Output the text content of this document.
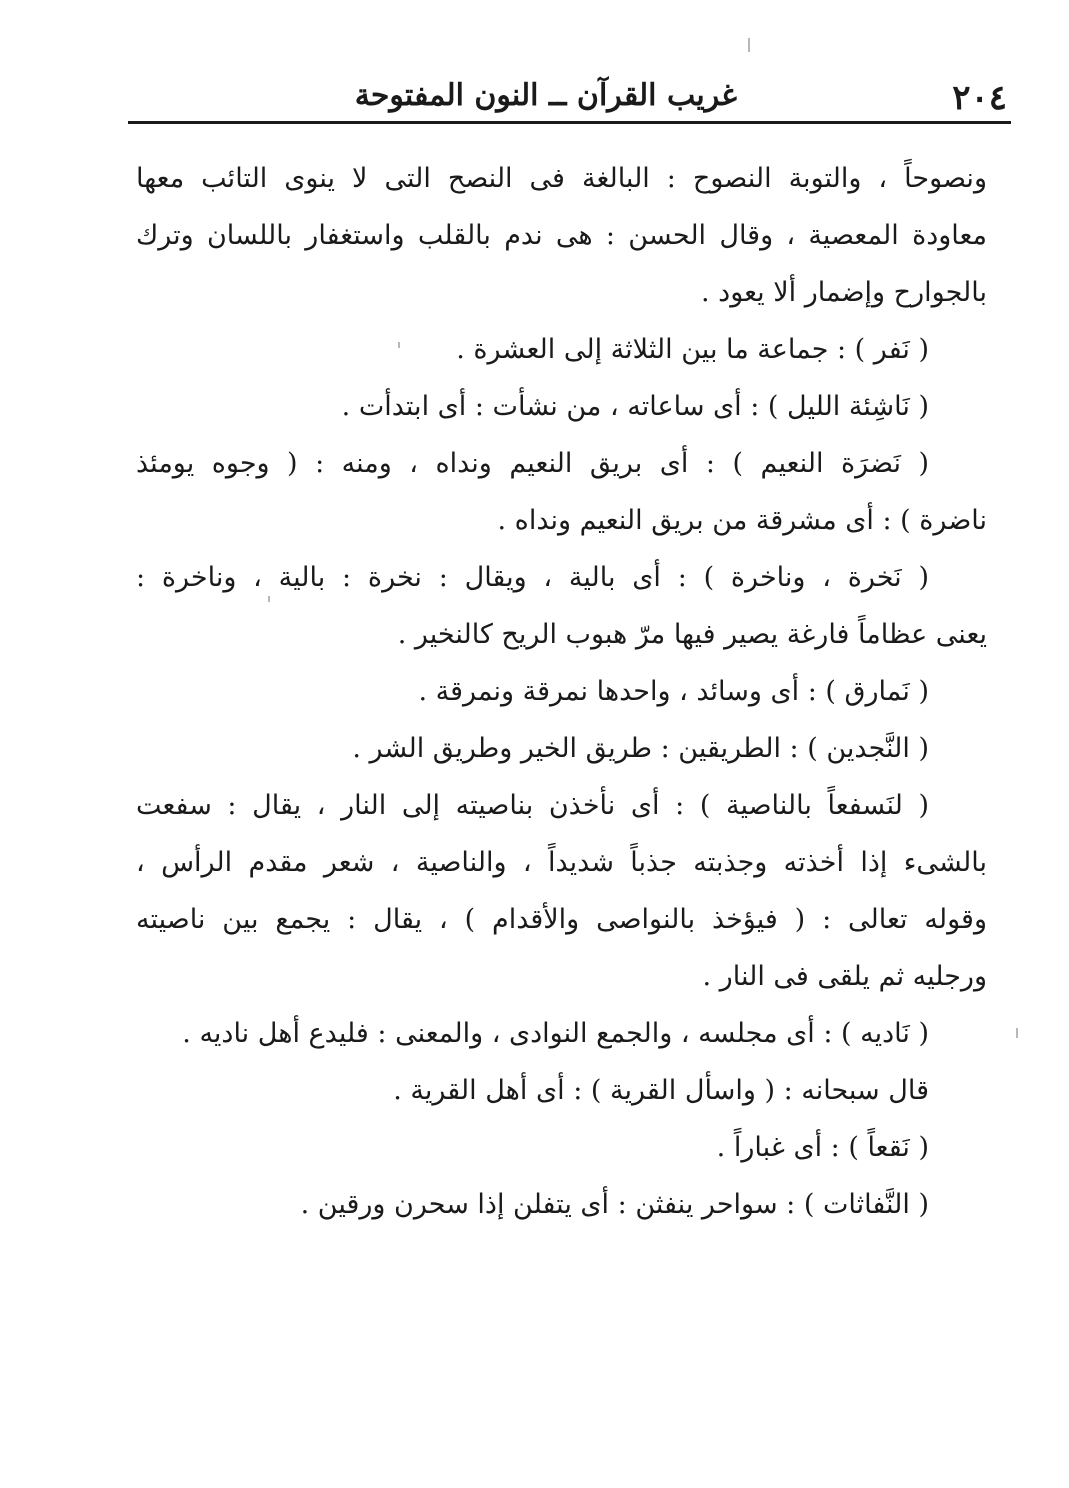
٢٠٤
غريب القرآن ــ النون المفتوحة
ونصوحاً ، والتوبة النصوح : البالغة فى النصح التى لا ينوى التائب معها
معاودة المعصية ، وقال الحسن : هى ندم بالقلب واستغفار باللسان وترك
بالجوارح وإضمار ألا يعود .
( نَفر ) : جماعة ما بين الثلاثة إلى العشرة .
( نَاشِئة الليل ) : أى ساعاته ، من نشأت : أى ابتدأت .
( نَضرَة النعيم ) : أى بريق النعيم ونداه ، ومنه : ( وجوه يومئذ
ناضرة ) : أى مشرقة من بريق النعيم ونداه .
( نَخرة ، وناخرة ) : أى بالية ، ويقال : نخرة : بالية ، وناخرة :
يعنى عظاماً فارغة يصير فيها مرّ هبوب الريح كالنخير .
( نَمارق ) : أى وسائد ، واحدها نمرقة ونمرقة .
( النَّجدين ) : الطريقين : طريق الخير وطريق الشر .
( لنَسفعاً بالناصية ) : أى نأخذن بناصيته إلى النار ، يقال : سفعت
بالشىء إذا أخذته وجذبته جذباً شديداً ، والناصية ، شعر مقدم الرأس ،
وقوله تعالى : ( فيؤخذ بالنواصى والأقدام ) ، يقال : يجمع بين ناصيته
ورجليه ثم يلقى فى النار .
( نَاديه ) : أى مجلسه ، والجمع النوادى ، والمعنى : فليدع أهل ناديه .
قال سبحانه : ( واسأل القرية ) : أى أهل القرية .
( نَقعاً ) : أى غباراً .
( النَّفاثات ) : سواحر ينفثن : أى يتفلن إذا سحرن ورقين .
